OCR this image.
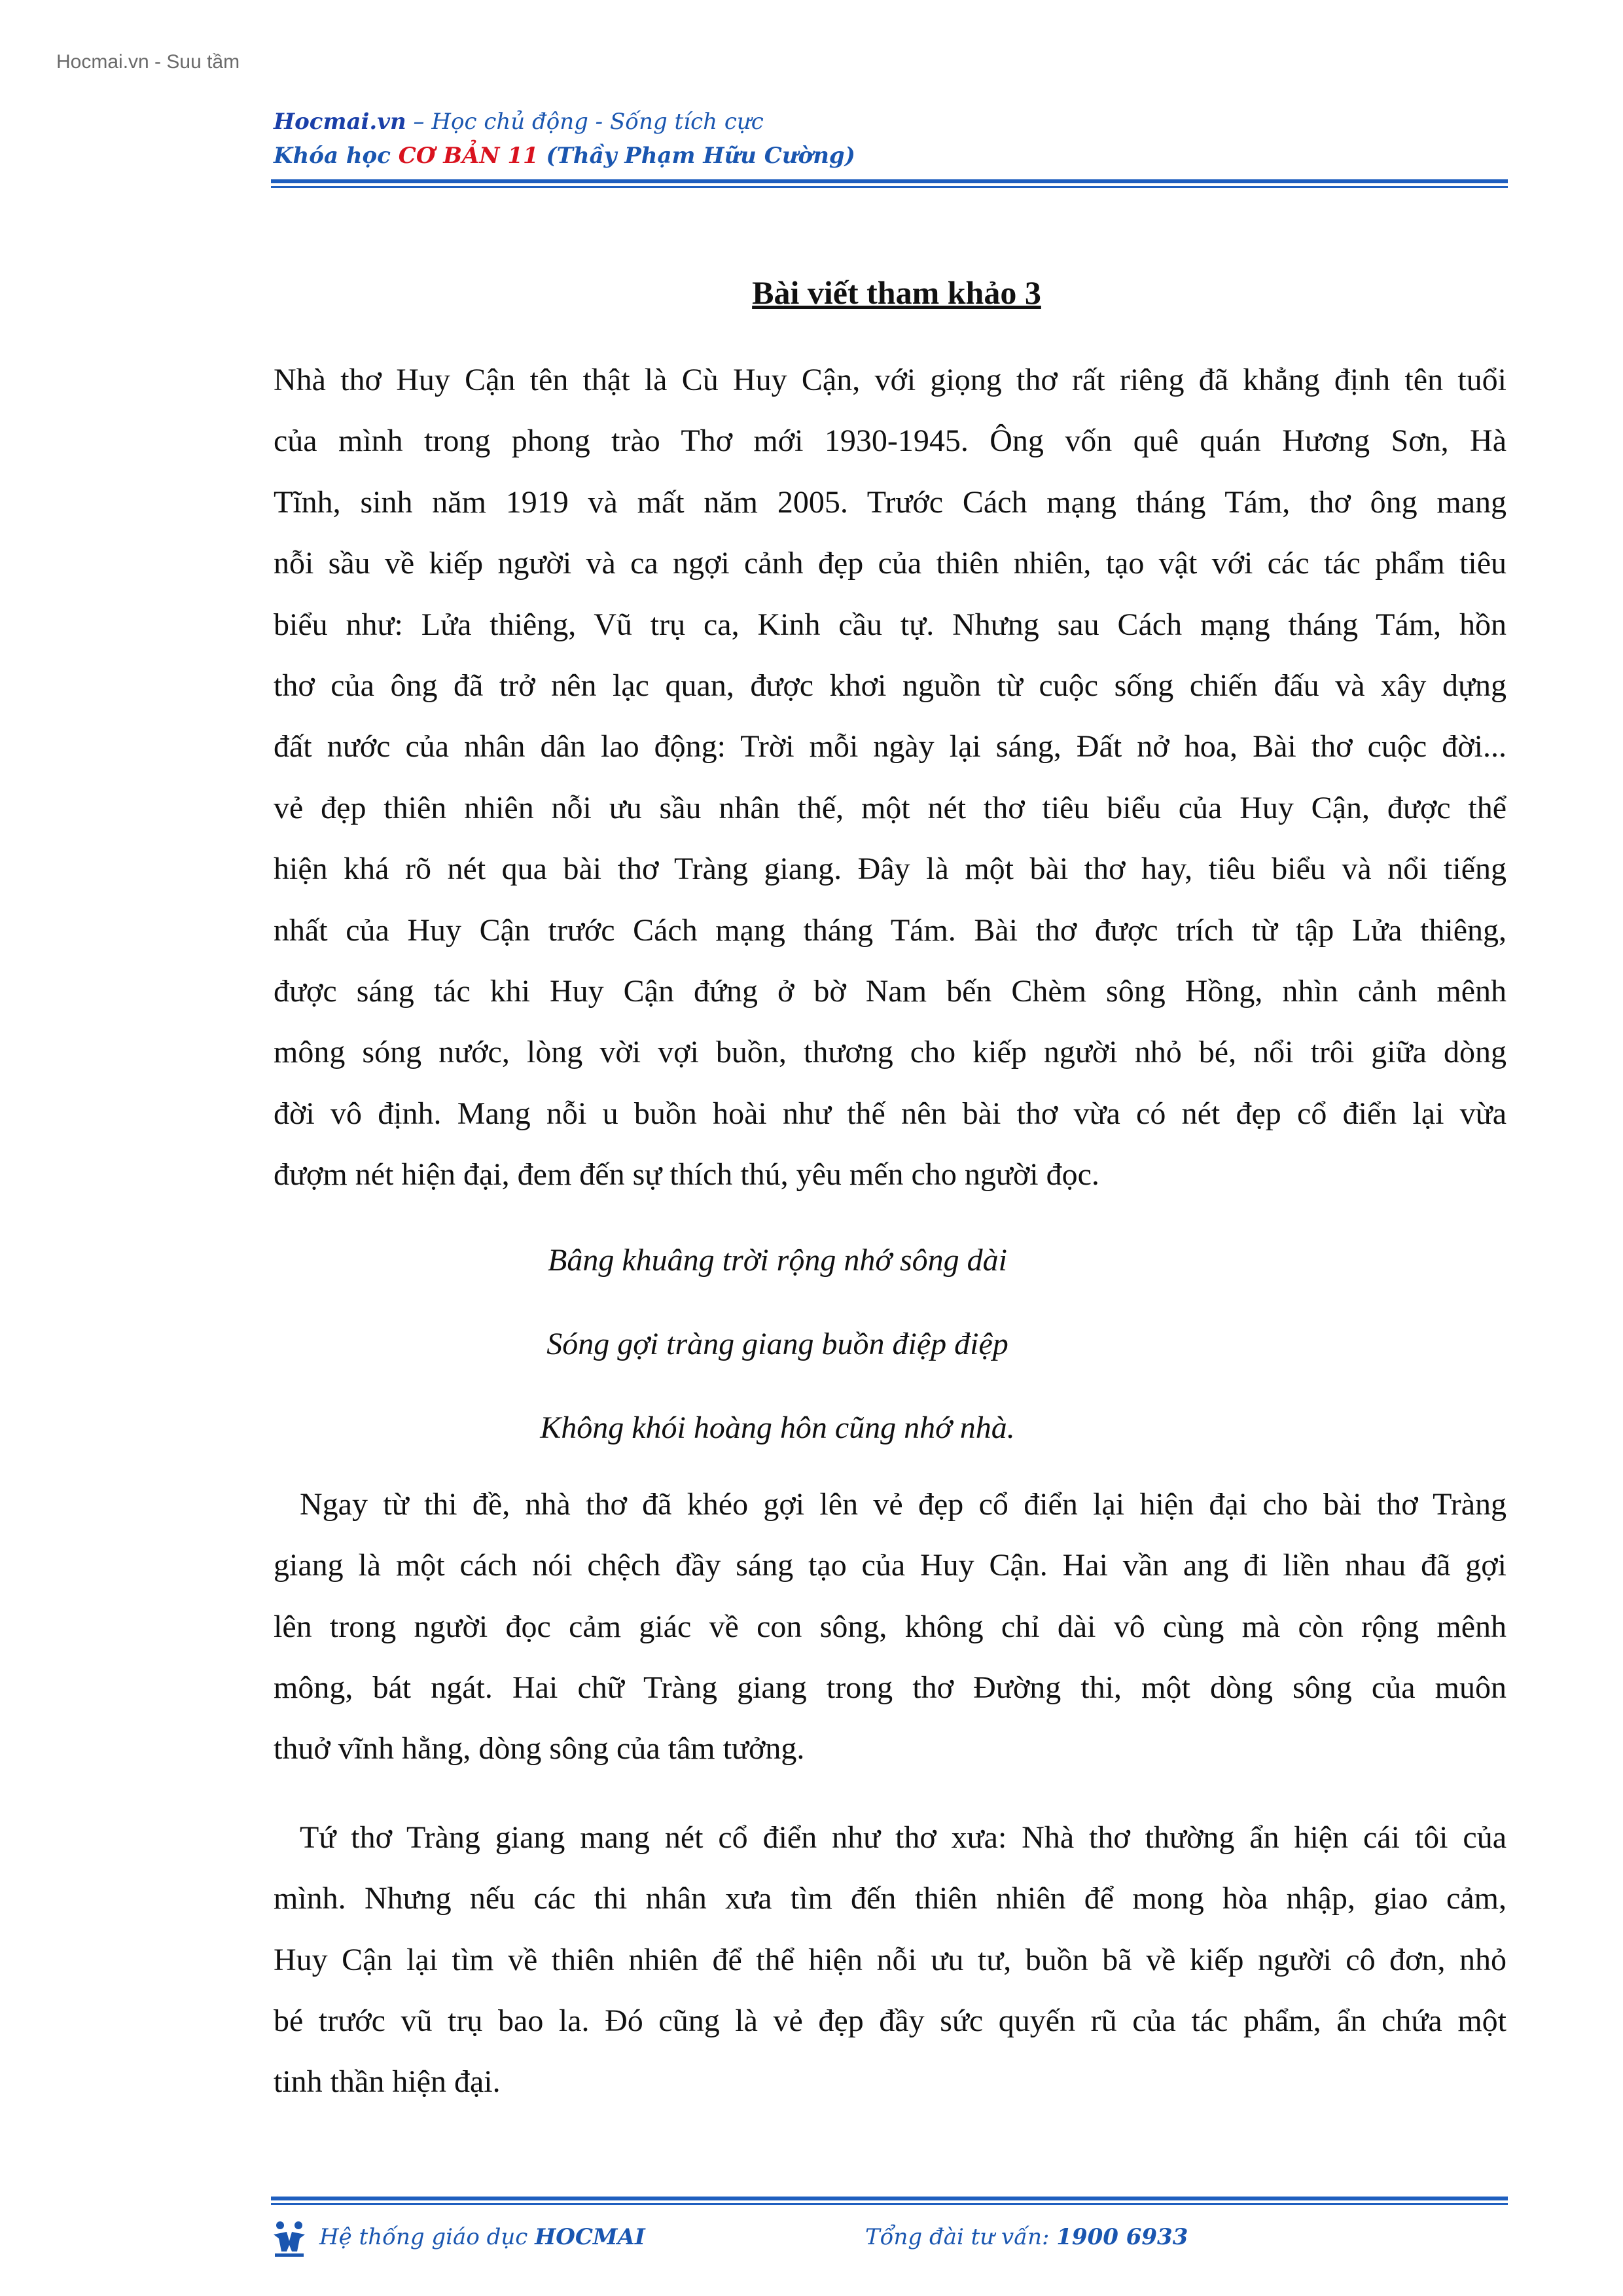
Hocmai.vn - Suu tầm
Hocmai.vn – Học chủ động - Sống tích cực
Khóa học CƠ BẢN 11 (Thầy Phạm Hữu Cường)
Bài viết tham khảo 3

Nhà thơ Huy Cận tên thật là Cù Huy Cận, với giọng thơ rất riêng đã khẳng định tên tuổi
của mình trong phong trào Thơ mới 1930-1945. Ông vốn quê quán Hương Sơn, Hà
Tĩnh, sinh năm 1919 và mất năm 2005. Trước Cách mạng tháng Tám, thơ ông mang
nỗi sầu về kiếp người và ca ngợi cảnh đẹp của thiên nhiên, tạo vật với các tác phẩm tiêu
biểu như: Lửa thiêng, Vũ trụ ca, Kinh cầu tự. Nhưng sau Cách mạng tháng Tám, hồn
thơ của ông đã trở nên lạc quan, được khơi nguồn từ cuộc sống chiến đấu và xây dựng
đất nước của nhân dân lao động: Trời mỗi ngày lại sáng, Đất nở hoa, Bài thơ cuộc đời...
vẻ đẹp thiên nhiên nỗi ưu sầu nhân thế, một nét thơ tiêu biểu của Huy Cận, được thể
hiện khá rõ nét qua bài thơ Tràng giang. Đây là một bài thơ hay, tiêu biểu và nổi tiếng
nhất của Huy Cận trước Cách mạng tháng Tám. Bài thơ được trích từ tập Lửa thiêng,
được sáng tác khi Huy Cận đứng ở bờ Nam bến Chèm sông Hồng, nhìn cảnh mênh
mông sóng nước, lòng vời vợi buồn, thương cho kiếp người nhỏ bé, nổi trôi giữa dòng
đời vô định. Mang nỗi u buồn hoài như thế nên bài thơ vừa có nét đẹp cổ điển lại vừa
đượm nét hiện đại, đem đến sự thích thú, yêu mến cho người đọc.

Bâng khuâng trời rộng nhớ sông dài
Sóng gợi tràng giang buồn điệp điệp
Không khói hoàng hôn cũng nhớ nhà.

Ngay từ thi đề, nhà thơ đã khéo gợi lên vẻ đẹp cổ điển lại hiện đại cho bài thơ Tràng
giang là một cách nói chệch đầy sáng tạo của Huy Cận. Hai vần ang đi liền nhau đã gợi
lên trong người đọc cảm giác về con sông, không chỉ dài vô cùng mà còn rộng mênh
mông, bát ngát. Hai chữ Tràng giang trong thơ Đường thi, một dòng sông của muôn
thuở vĩnh hằng, dòng sông của tâm tưởng.

Tứ thơ Tràng giang mang nét cổ điển như thơ xưa: Nhà thơ thường ẩn hiện cái tôi của
mình. Nhưng nếu các thi nhân xưa tìm đến thiên nhiên để mong hòa nhập, giao cảm,
Huy Cận lại tìm về thiên nhiên để thể hiện nỗi ưu tư, buồn bã về kiếp người cô đơn, nhỏ
bé trước vũ trụ bao la. Đó cũng là vẻ đẹp đầy sức quyến rũ của tác phẩm, ẩn chứa một
tinh thần hiện đại.

Hệ thống giáo dục HOCMAI	Tổng đài tư vấn: 1900 6933
